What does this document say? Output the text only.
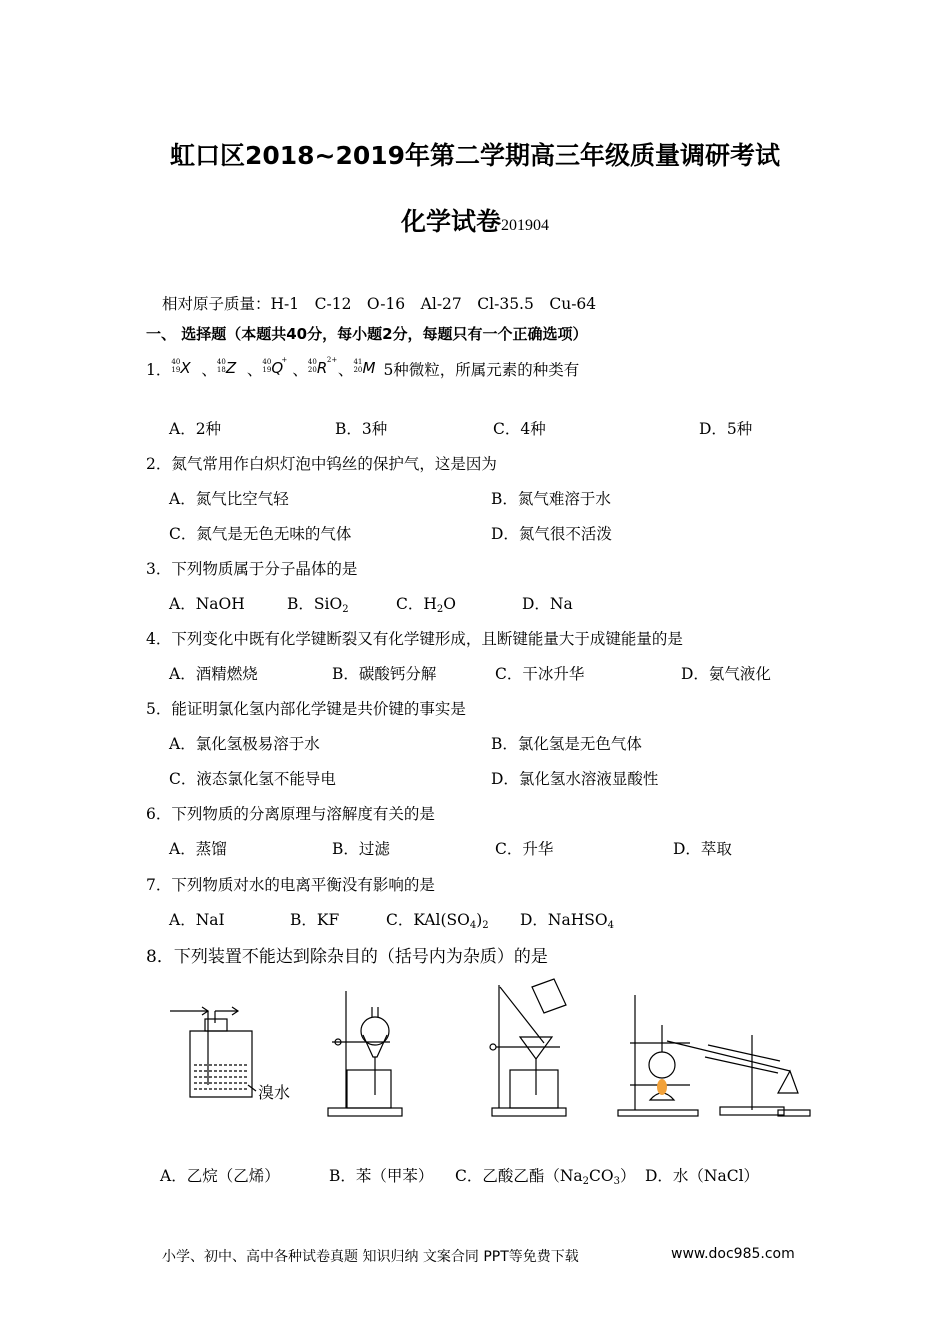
虹口区2018~2019年第二学期高三年级质量调研考试
化学试卷201904
相对原子质量：H-1　C-12　O-16　Al-27　Cl-35.5　Cu-64
一、 选择题（本题共40分，每小题2分，每题只有一个正确选项）
1． 40
19 X 、 40
18 Z 、 40
19 Q
+
、 40
20 R 2+
、 41
20 M 5种微粒，所属元素的种类有
A．2种	B．3种	C．4种	D．5种
2．氮气常用作白炽灯泡中钨丝的保护气，这是因为
A．氮气比空气轻	B．氮气难溶于水
C．氮气是无色无味的气体	D．氮气很不活泼
3．下列物质属于分子晶体的是
A．NaOH	B．SiO$_2$	C．$H_2O$	D．Na
4．下列变化中既有化学键断裂又有化学键形成，且断键能量大于成键能量的是
A．酒精燃烧	B．碳酸钙分解	C．干冰升华	D．氨气液化
5．能证明氯化氢内部化学键是共价键的事实是
A．氯化氢极易溶于水	B．氯化氢是无色气体
C．液态氯化氢不能导电	D．氯化氢水溶液显酸性
6．下列物质的分离原理与溶解度有关的是
A．蒸馏	B．过滤	C．升华	D．萃取
7．下列物质对水的电离平衡没有影响的是
A．NaI	B．KF	C．$KAl(SO_4)_2$ D．NaHSO$_4$
8．下列装置不能达到除杂目的（括号内为杂质）的是
溴水
A．乙烷（乙烯）	B．苯（甲苯） C．乙酸乙酯$(Na_2CO_3)$ D．水（NaCl）
小学、初中、高中各种试卷真题 知识归纳 文案合同 PPT等免费下载	www.doc985.com
